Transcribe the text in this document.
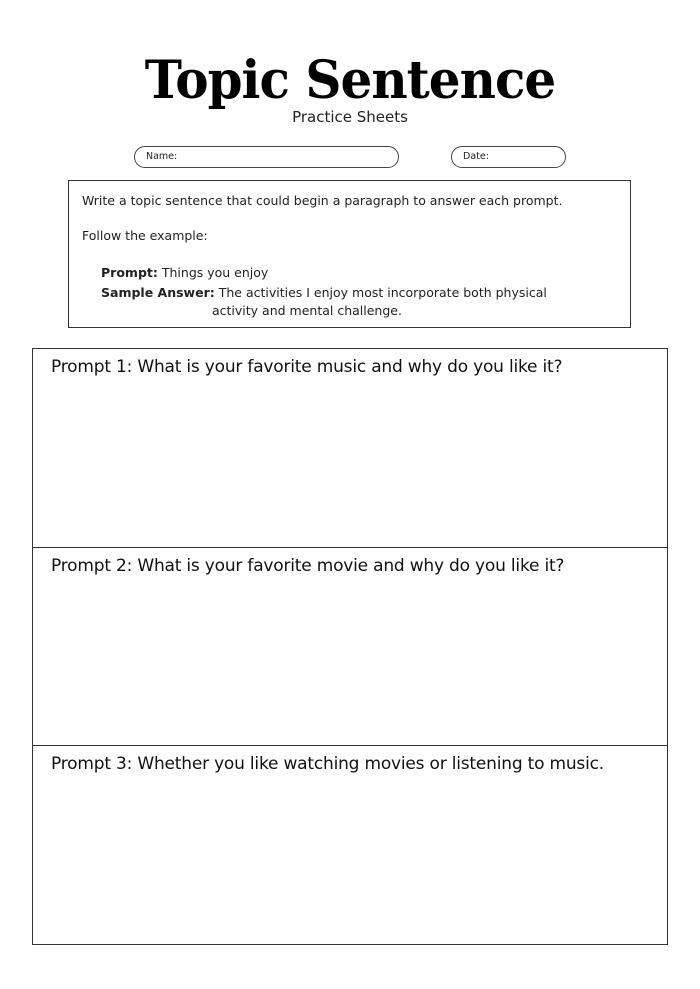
Topic Sentence
Practice Sheets
Name:	Date:
Write a topic sentence that could begin a paragraph to answer each prompt.
Follow the example:
Prompt: Things you enjoy
Sample Answer: The activities I enjoy most incorporate both physical
activity and mental challenge.
Prompt 1: What is your favorite music and why do you like it?
Prompt 2: What is your favorite movie and why do you like it?
Prompt 3: Whether you like watching movies or listening to music.
